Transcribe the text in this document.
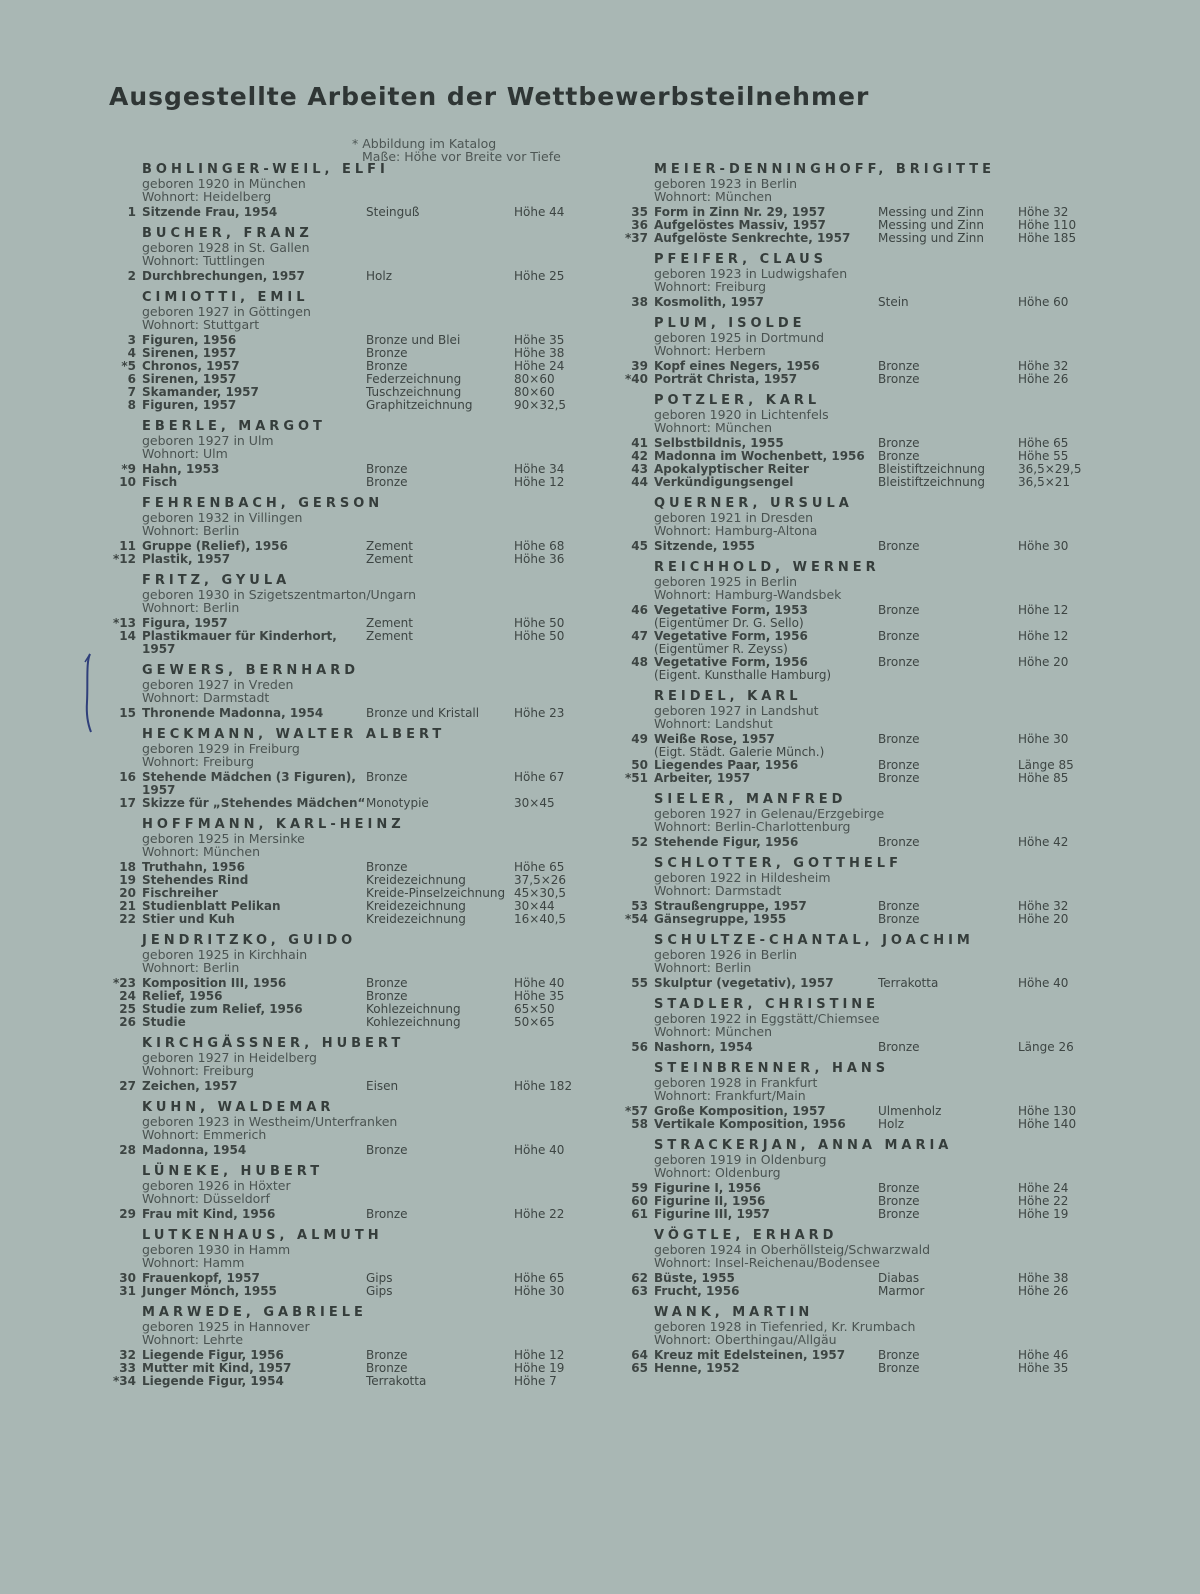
Ausgestellte Arbeiten der Wettbewerbsteilnehmer
* Abbildung im Katalog
Maße: Höhe vor Breite vor Tiefe
BOHLINGER-WEIL, ELFI
geboren 1920 in München
Wohnort: Heidelberg
1 Sitzende Frau, 1954	Steinguß	Höhe 44
BUCHER, FRANZ
geboren 1928 in St. Gallen
Wohnort: Tuttlingen
2 Durchbrechungen, 1957	Holz	Höhe 25
CIMIOTTI, EMIL
geboren 1927 in Göttingen
Wohnort: Stuttgart
3 Figuren, 1956	Bronze und Blei	Höhe 35
4 Sirenen, 1957	Bronze	Höhe 38
*5 Chronos, 1957	Bronze	Höhe 24
6 Sirenen, 1957	Federzeichnung	80×60
7 Skamander, 1957	Tuschzeichnung	80×60
8 Figuren, 1957	Graphitzeichnung	90×32,5
EBERLE, MARGOT
geboren 1927 in Ulm
Wohnort: Ulm
*9 Hahn, 1953	Bronze	Höhe 34
10 Fisch	Bronze	Höhe 12
FEHRENBACH, GERSON
geboren 1932 in Villingen
Wohnort: Berlin
11 Gruppe (Relief), 1956	Zement	Höhe 68
*12 Plastik, 1957	Zement	Höhe 36
FRITZ, GYULA
geboren 1930 in Szigetszentmarton/Ungarn
Wohnort: Berlin
*13 Figura, 1957	Zement	Höhe 50
14 Plastikmauer für Kinderhort, 1957
Zement	Höhe 50
GEWERS, BERNHARD
geboren 1927 in Vreden
Wohnort: Darmstadt
15 Thronende Madonna, 1954	Bronze und Kristall	Höhe 23
HECKMANN, WALTER ALBERT
geboren 1929 in Freiburg
Wohnort: Freiburg
16 Stehende Mädchen (3 Figuren), 1957
Bronze	Höhe 67
17 Skizze für „Stehendes Mädchen“ Monotypie	30×45
HOFFMANN, KARL-HEINZ
geboren 1925 in Mersinke
Wohnort: München
18 Truthahn, 1956	Bronze	Höhe 65
19 Stehendes Rind	Kreidezeichnung	37,5×26
20 Fischreiher	Kreide-Pinselzeichnung 45×30,5
21 Studienblatt Pelikan	Kreidezeichnung	30×44
22 Stier und Kuh	Kreidezeichnung	16×40,5
JENDRITZKO, GUIDO
geboren 1925 in Kirchhain
Wohnort: Berlin
*23 Komposition III, 1956	Bronze	Höhe 40
24 Relief, 1956	Bronze	Höhe 35
25 Studie zum Relief, 1956	Kohlezeichnung	65×50
26 Studie	Kohlezeichnung	50×65
KIRCHGÄSSNER, HUBERT
geboren 1927 in Heidelberg
Wohnort: Freiburg
27 Zeichen, 1957	Eisen	Höhe 182
KUHN, WALDEMAR
geboren 1923 in Westheim/Unterfranken
Wohnort: Emmerich
28 Madonna, 1954	Bronze	Höhe 40
LÜNEKE, HUBERT
geboren 1926 in Höxter
Wohnort: Düsseldorf
29 Frau mit Kind, 1956	Bronze	Höhe 22
LUTKENHAUS, ALMUTH
geboren 1930 in Hamm
Wohnort: Hamm
30 Frauenkopf, 1957	Gips	Höhe 65
31 Junger Mönch, 1955	Gips	Höhe 30
MARWEDE, GABRIELE
geboren 1925 in Hannover
Wohnort: Lehrte
32 Liegende Figur, 1956	Bronze	Höhe 12
33 Mutter mit Kind, 1957	Bronze	Höhe 19
*34 Liegende Figur, 1954	Terrakotta	Höhe 7
MEIER-DENNINGHOFF, BRIGITTE
geboren 1923 in Berlin
Wohnort: München
35 Form in Zinn Nr. 29, 1957	Messing und Zinn	Höhe 32
36 Aufgelöstes Massiv, 1957	Messing und Zinn	Höhe 110
*37 Aufgelöste Senkrechte, 1957	Messing und Zinn	Höhe 185
PFEIFER, CLAUS
geboren 1923 in Ludwigshafen
Wohnort: Freiburg
38 Kosmolith, 1957	Stein	Höhe 60
PLUM, ISOLDE
geboren 1925 in Dortmund
Wohnort: Herbern
39 Kopf eines Negers, 1956	Bronze	Höhe 32
*40 Porträt Christa, 1957	Bronze	Höhe 26
POTZLER, KARL
geboren 1920 in Lichtenfels
Wohnort: München
41 Selbstbildnis, 1955	Bronze	Höhe 65
42 Madonna im Wochenbett, 1956	Bronze	Höhe 55
43 Apokalyptischer Reiter	Bleistiftzeichnung	36,5×29,5
44 Verkündigungsengel	Bleistiftzeichnung	36,5×21
QUERNER, URSULA
geboren 1921 in Dresden
Wohnort: Hamburg-Altona
45 Sitzende, 1955	Bronze	Höhe 30
REICHHOLD, WERNER
geboren 1925 in Berlin
Wohnort: Hamburg-Wandsbek
46 Vegetative Form, 1953	Bronze	Höhe 12
(Eigentümer Dr. G. Sello)
47 Vegetative Form, 1956	Bronze	Höhe 12
(Eigentümer R. Zeyss)
48 Vegetative Form, 1956	Bronze	Höhe 20
(Eigent. Kunsthalle Hamburg)
REIDEL, KARL
geboren 1927 in Landshut
Wohnort: Landshut
49 Weiße Rose, 1957	Bronze	Höhe 30
(Eigt. Städt. Galerie Münch.)
50 Liegendes Paar, 1956	Bronze	Länge 85
*51 Arbeiter, 1957	Bronze	Höhe 85
SIELER, MANFRED
geboren 1927 in Gelenau/Erzgebirge
Wohnort: Berlin-Charlottenburg
52 Stehende Figur, 1956	Bronze	Höhe 42
SCHLOTTER, GOTTHELF
geboren 1922 in Hildesheim
Wohnort: Darmstadt
53 Straußengruppe, 1957	Bronze	Höhe 32
*54 Gänsegruppe, 1955	Bronze	Höhe 20
SCHULTZE-CHANTAL, JOACHIM
geboren 1926 in Berlin
Wohnort: Berlin
55 Skulptur (vegetativ), 1957	Terrakotta	Höhe 40
STADLER, CHRISTINE
geboren 1922 in Eggstätt/Chiemsee
Wohnort: München
56 Nashorn, 1954	Bronze	Länge 26
STEINBRENNER, HANS
geboren 1928 in Frankfurt
Wohnort: Frankfurt/Main
*57 Große Komposition, 1957	Ulmenholz	Höhe 130
58 Vertikale Komposition, 1956	Holz	Höhe 140
STRACKERJAN, ANNA MARIA
geboren 1919 in Oldenburg
Wohnort: Oldenburg
59 Figurine I, 1956	Bronze	Höhe 24
60 Figurine II, 1956	Bronze	Höhe 22
61 Figurine III, 1957	Bronze	Höhe 19
VÖGTLE, ERHARD
geboren 1924 in Oberhöllsteig/Schwarzwald
Wohnort: Insel-Reichenau/Bodensee
62 Büste, 1955	Diabas	Höhe 38
63 Frucht, 1956	Marmor	Höhe 26
WANK, MARTIN
geboren 1928 in Tiefenried, Kr. Krumbach
Wohnort: Oberthingau/Allgäu
64 Kreuz mit Edelsteinen, 1957	Bronze	Höhe 46
65 Henne, 1952	Bronze	Höhe 35
